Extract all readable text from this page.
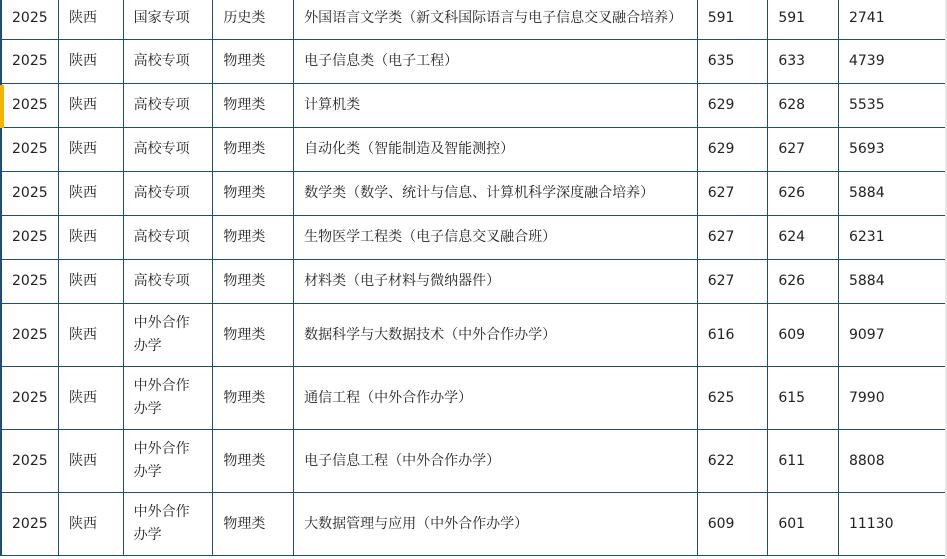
2025	陕西	国家专项	历史类	外国语言文学类（新文科国际语言与电子信息交叉融合培养）	591	591	2741
2025	陕西	高校专项	物理类	电子信息类（电子工程）	635	633	4739
2025	陕西	高校专项	物理类	计算机类	629	628	5535
2025	陕西	高校专项	物理类	自动化类（智能制造及智能测控）	629	627	5693
2025	陕西	高校专项	物理类	数学类（数学、统计与信息、计算机科学深度融合培养）	627	626	5884
2025	陕西	高校专项	物理类	生物医学工程类（电子信息交叉融合班）	627	624	6231
2025	陕西	高校专项	物理类	材料类（电子材料与微纳器件）	627	626	5884
2025	陕西	中外合作办学	物理类	数据科学与大数据技术（中外合作办学）	616	609	9097
2025	陕西	中外合作办学	物理类	通信工程（中外合作办学）	625	615	7990
2025	陕西	中外合作办学	物理类	电子信息工程（中外合作办学）	622	611	8808
2025	陕西	中外合作办学	物理类	大数据管理与应用（中外合作办学）	609	601	11130
